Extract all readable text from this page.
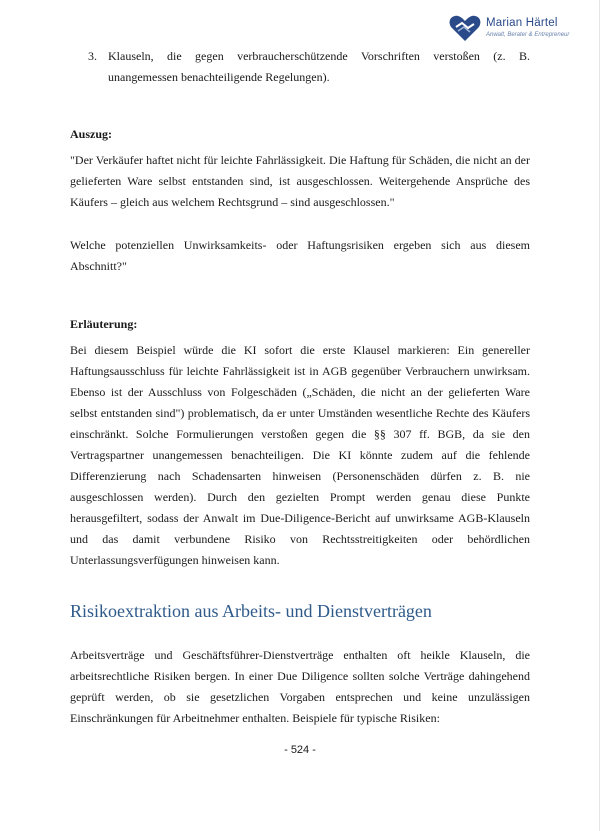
Marian Härtel
Anwalt, Berater & Entrepreneur
3. Klauseln, die gegen verbraucherschützende Vorschriften verstoßen (z. B. unangemessen benachteiligende Regelungen).

Auszug:

"Der Verkäufer haftet nicht für leichte Fahrlässigkeit. Die Haftung für Schäden, die nicht an der gelieferten Ware selbst entstanden sind, ist ausgeschlossen. Weitergehende Ansprüche des Käufers – gleich aus welchem Rechtsgrund – sind ausgeschlossen."

Welche potenziellen Unwirksamkeits- oder Haftungsrisiken ergeben sich aus diesem Abschnitt?"

Erläuterung:

Bei diesem Beispiel würde die KI sofort die erste Klausel markieren: Ein genereller Haftungsausschluss für leichte Fahrlässigkeit ist in AGB gegenüber Verbrauchern unwirksam. Ebenso ist der Ausschluss von Folgeschäden („Schäden, die nicht an der gelieferten Ware selbst entstanden sind") problematisch, da er unter Umständen wesentliche Rechte des Käufers einschränkt. Solche Formulierungen verstoßen gegen die §§ 307 ff. BGB, da sie den Vertragspartner unangemessen benachteiligen. Die KI könnte zudem auf die fehlende Differenzierung nach Schadensarten hinweisen (Personenschäden dürfen z. B. nie ausgeschlossen werden). Durch den gezielten Prompt werden genau diese Punkte herausgefiltert, sodass der Anwalt im Due-Diligence-Bericht auf unwirksame AGB-Klauseln und das damit verbundene Risiko von Rechtsstreitigkeiten oder behördlichen Unterlassungsverfügungen hinweisen kann.

Risikoextraktion aus Arbeits- und Dienstverträgen

Arbeitsverträge und Geschäftsführer-Dienstverträge enthalten oft heikle Klauseln, die arbeitsrechtliche Risiken bergen. In einer Due Diligence sollten solche Verträge dahingehend geprüft werden, ob sie gesetzlichen Vorgaben entsprechen und keine unzulässigen Einschränkungen für Arbeitnehmer enthalten. Beispiele für typische Risiken:

- 524 -
